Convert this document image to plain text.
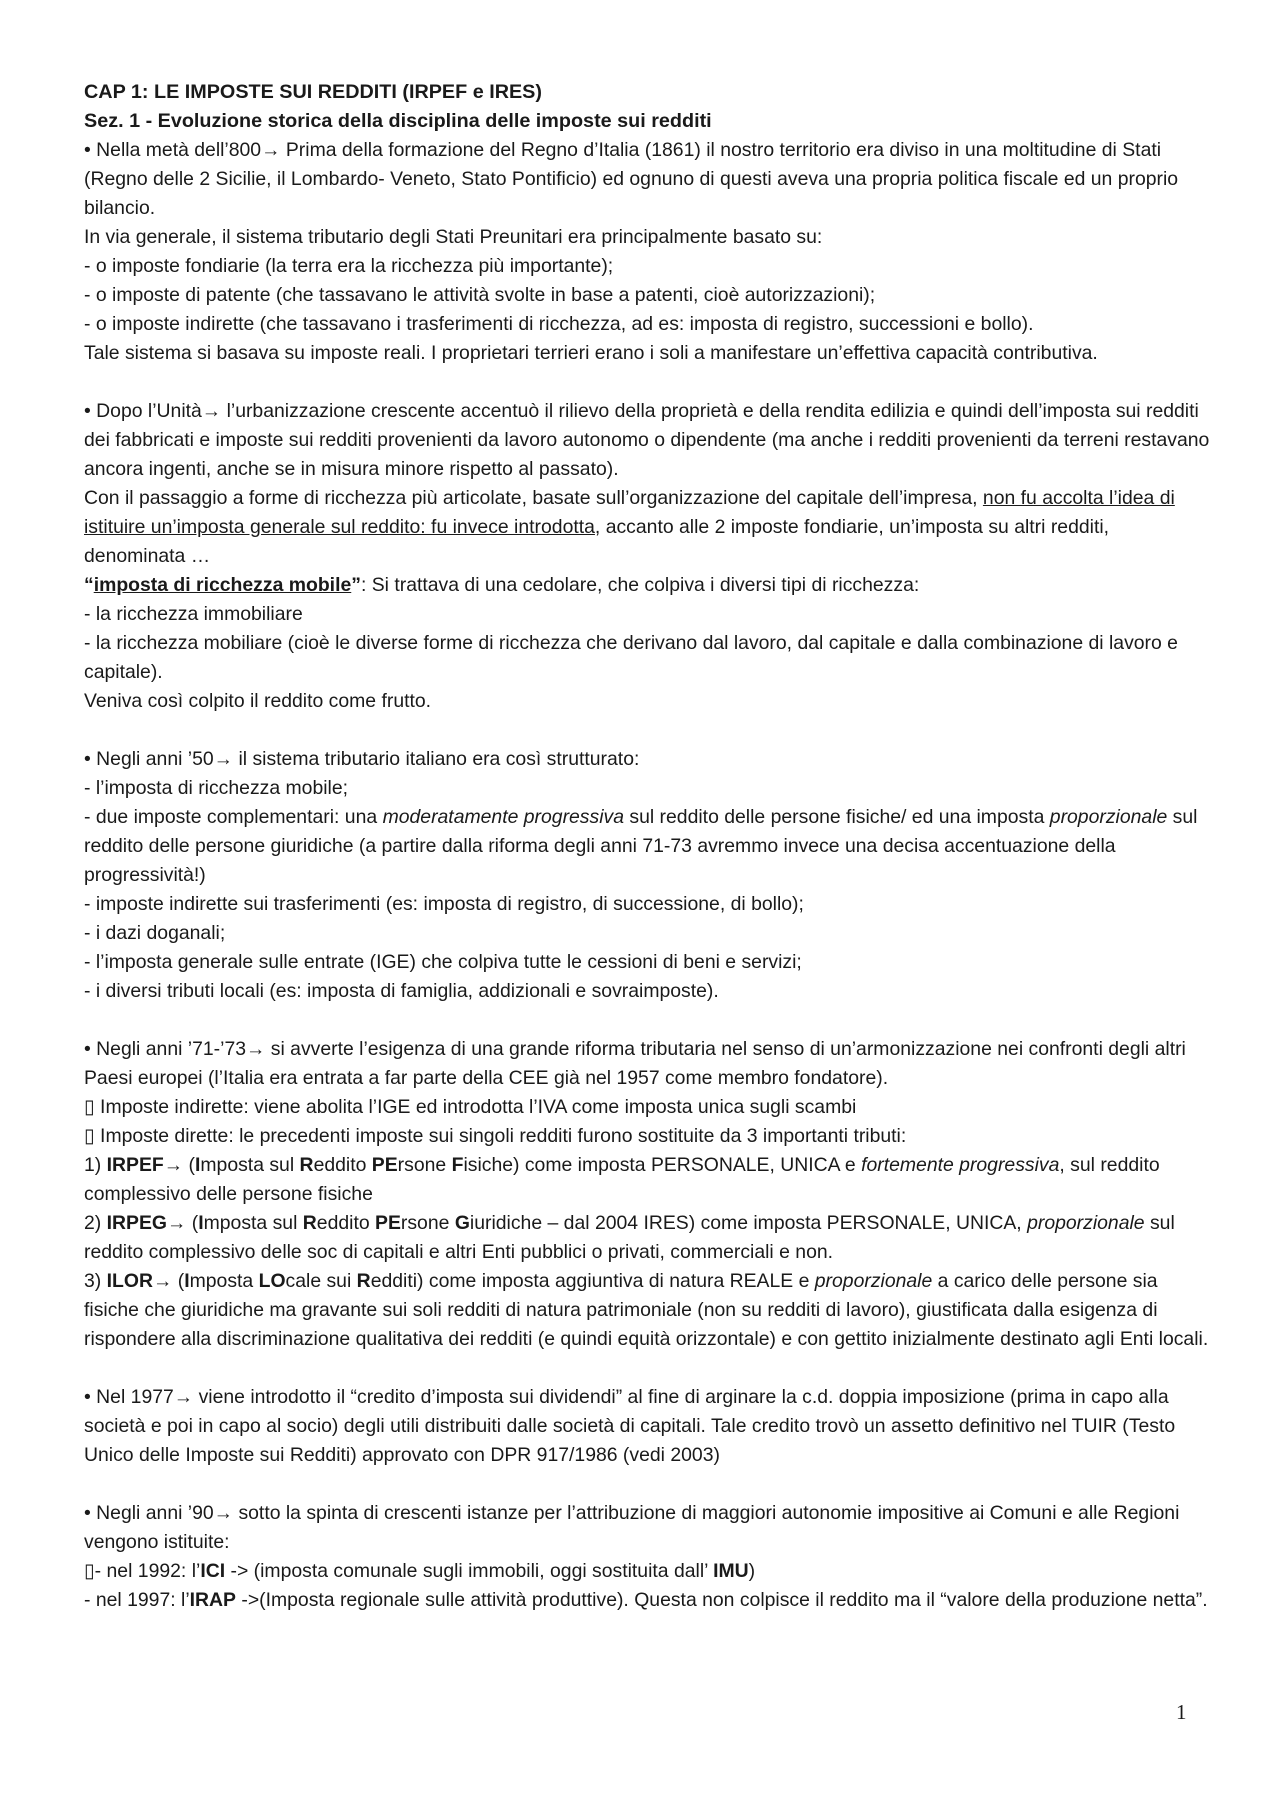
CAP 1: LE IMPOSTE SUI REDDITI (IRPEF e IRES)
Sez. 1 - Evoluzione storica della disciplina delle imposte sui redditi

• Nella metà dell’800→ Prima della formazione del Regno d’Italia (1861) il nostro territorio era diviso in una moltitudine di Stati (Regno delle 2 Sicilie, il Lombardo- Veneto, Stato Pontificio) ed ognuno di questi aveva una propria politica fiscale ed un proprio bilancio.

In via generale, il sistema tributario degli Stati Preunitari era principalmente basato su:

- o imposte fondiarie (la terra era la ricchezza più importante);

- o imposte di patente (che tassavano le attività svolte in base a patenti, cioè autorizzazioni);

- o imposte indirette (che tassavano i trasferimenti di ricchezza, ad es: imposta di registro, successioni e bollo).

Tale sistema si basava su imposte reali. I proprietari terrieri erano i soli a manifestare un’effettiva capacità contributiva.

• Dopo l’Unità→ l’urbanizzazione crescente accentuò il rilievo della proprietà e della rendita edilizia e quindi dell’imposta sui redditi dei fabbricati e imposte sui redditi provenienti da lavoro autonomo o dipendente (ma anche i redditi provenienti da terreni restavano ancora ingenti, anche se in misura minore rispetto al passato).

Con il passaggio a forme di ricchezza più articolate, basate sull’organizzazione del capitale dell’impresa, non fu accolta l’idea di istituire un’imposta generale sul reddito: fu invece introdotta, accanto alle 2 imposte fondiarie, un’imposta su altri redditi, denominata …

“imposta di ricchezza mobile”: Si trattava di una cedolare, che colpiva i diversi tipi di ricchezza:

- la ricchezza immobiliare

- la ricchezza mobiliare (cioè le diverse forme di ricchezza che derivano dal lavoro, dal capitale e dalla combinazione di lavoro e capitale).

Veniva così colpito il reddito come frutto.

• Negli anni ’50→ il sistema tributario italiano era così strutturato:

- l’imposta di ricchezza mobile;

- due imposte complementari: una moderatamente progressiva sul reddito delle persone fisiche/ ed una imposta proporzionale sul reddito delle persone giuridiche (a partire dalla riforma degli anni 71-73 avremmo invece una decisa accentuazione della progressività!)

- imposte indirette sui trasferimenti (es: imposta di registro, di successione, di bollo);

- i dazi doganali;

- l’imposta generale sulle entrate (IGE) che colpiva tutte le cessioni di beni e servizi;

- i diversi tributi locali (es: imposta di famiglia, addizionali e sovraimposte).

• Negli anni ’71-’73→ si avverte l’esigenza di una grande riforma tributaria nel senso di un’armonizzazione nei confronti degli altri Paesi europei (l’Italia era entrata a far parte della CEE già nel 1957 come membro fondatore).

▯ Imposte indirette: viene abolita l’IGE ed introdotta l’IVA come imposta unica sugli scambi

▯ Imposte dirette: le precedenti imposte sui singoli redditi furono sostituite da 3 importanti tributi:

1) IRPEF→ (Imposta sul Reddito PErsone Fisiche) come imposta PERSONALE, UNICA e fortemente progressiva, sul reddito complessivo delle persone fisiche

2) IRPEG→ (Imposta sul Reddito PErsone Giuridiche – dal 2004 IRES) come imposta PERSONALE, UNICA, proporzionale sul reddito complessivo delle soc di capitali e altri Enti pubblici o privati, commerciali e non.

3) ILOR→ (Imposta LOcale sui Redditi) come imposta aggiuntiva di natura REALE e proporzionale a carico delle persone sia fisiche che giuridiche ma gravante sui soli redditi di natura patrimoniale (non su redditi di lavoro), giustificata dalla esigenza di rispondere alla discriminazione qualitativa dei redditi (e quindi equità orizzontale) e con gettito inizialmente destinato agli Enti locali.

• Nel 1977→ viene introdotto il “credito d’imposta sui dividendi” al fine di arginare la c.d. doppia imposizione (prima in capo alla società e poi in capo al socio) degli utili distribuiti dalle società di capitali. Tale credito trovò un assetto definitivo nel TUIR (Testo Unico delle Imposte sui Redditi) approvato con DPR 917/1986 (vedi 2003)

• Negli anni ’90→ sotto la spinta di crescenti istanze per l’attribuzione di maggiori autonomie impositive ai Comuni e alle Regioni vengono istituite:

▯- nel 1992: l’ICI -> (imposta comunale sugli immobili, oggi sostituita dall’ IMU)

- nel 1997: l’IRAP ->(Imposta regionale sulle attività produttive). Questa non colpisce il reddito ma il “valore della produzione netta”.

1
